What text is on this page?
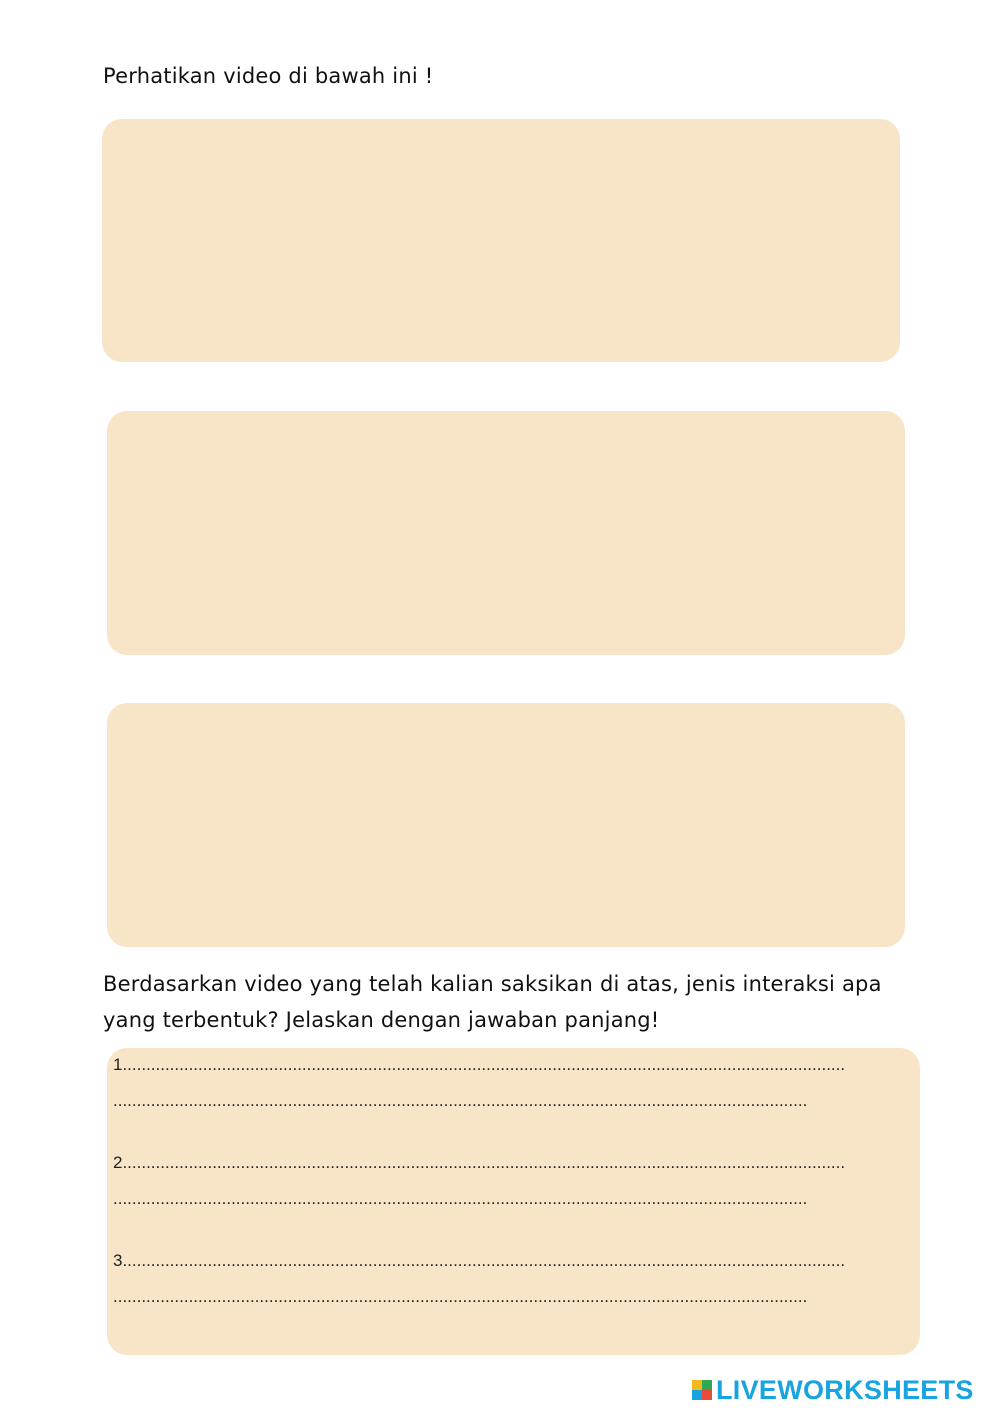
Perhatikan video di bawah ini !
Berdasarkan video yang telah kalian saksikan di atas, jenis interaksi apa yang terbentuk? Jelaskan dengan jawaban panjang!
1.........................................................................................................................................................
...................................................................................................................................................
2.........................................................................................................................................................
...................................................................................................................................................
3.........................................................................................................................................................
...................................................................................................................................................
LIVEWORKSHEETS
